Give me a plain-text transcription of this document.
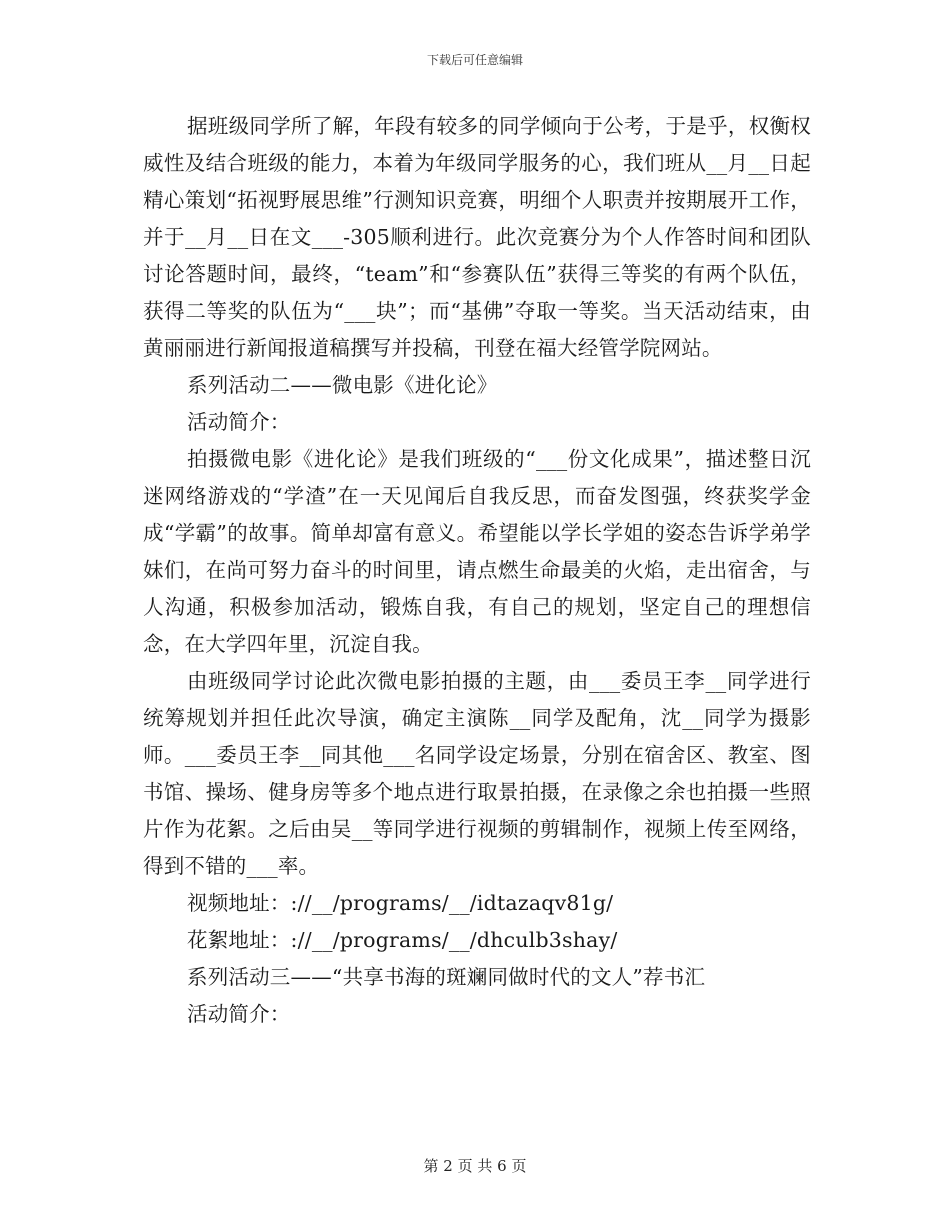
下载后可任意编辑

据班级同学所了解，年段有较多的同学倾向于公考，于是乎，权衡权威性及结合班级的能力，本着为年级同学服务的心，我们班从__月__日起精心策划“拓视野展思维”行测知识竞赛，明细个人职责并按期展开工作，并于__月__日在文___-305顺利进行。此次竞赛分为个人作答时间和团队讨论答题时间，最终，“team”和“参赛队伍”获得三等奖的有两个队伍，获得二等奖的队伍为“___块”；而“基佛”夺取一等奖。当天活动结束，由黄丽丽进行新闻报道稿撰写并投稿，刊登在福大经管学院网站。

系列活动二——微电影《进化论》

活动简介：

拍摄微电影《进化论》是我们班级的“___份文化成果”，描述整日沉迷网络游戏的“学渣”在一天见闻后自我反思，而奋发图强，终获奖学金成“学霸”的故事。简单却富有意义。希望能以学长学姐的姿态告诉学弟学妹们，在尚可努力奋斗的时间里，请点燃生命最美的火焰，走出宿舍，与人沟通，积极参加活动，锻炼自我，有自己的规划，坚定自己的理想信念，在大学四年里，沉淀自我。

由班级同学讨论此次微电影拍摄的主题，由___委员王李__同学进行统筹规划并担任此次导演，确定主演陈__同学及配角，沈__同学为摄影师。___委员王李__同其他___名同学设定场景，分别在宿舍区、教室、图书馆、操场、健身房等多个地点进行取景拍摄，在录像之余也拍摄一些照片作为花絮。之后由吴__等同学进行视频的剪辑制作，视频上传至网络，得到不错的___率。

视频地址：://__/programs/__/idtazaqv81g/

花絮地址：://__/programs/__/dhculb3shay/

系列活动三——“共享书海的斑斓同做时代的文人”荐书汇

活动简介：

第 2 页 共 6 页
